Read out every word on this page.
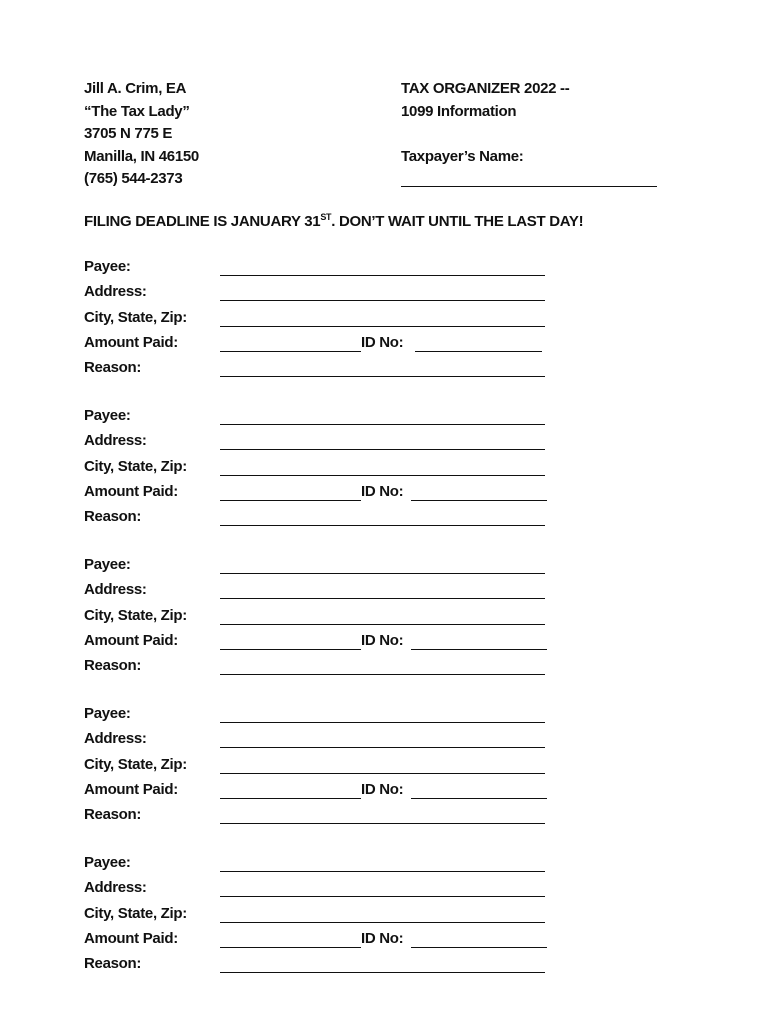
Jill A. Crim, EA
“The Tax Lady”
3705 N 775 E
Manilla, IN 46150
(765) 544-2373
TAX ORGANIZER 2022 --
1099 Information
Taxpayer’s Name:
FILING DEADLINE IS JANUARY 31ST. DON’T WAIT UNTIL THE LAST DAY!
Payee:
Address:
City, State, Zip:
Amount Paid:	ID No:
Reason:
Payee:
Address:
City, State, Zip:
Amount Paid:	ID No:
Reason:
Payee:
Address:
City, State, Zip:
Amount Paid:	ID No:
Reason:
Payee:
Address:
City, State, Zip:
Amount Paid:	ID No:
Reason:
Payee:
Address:
City, State, Zip:
Amount Paid:	ID No:
Reason:
